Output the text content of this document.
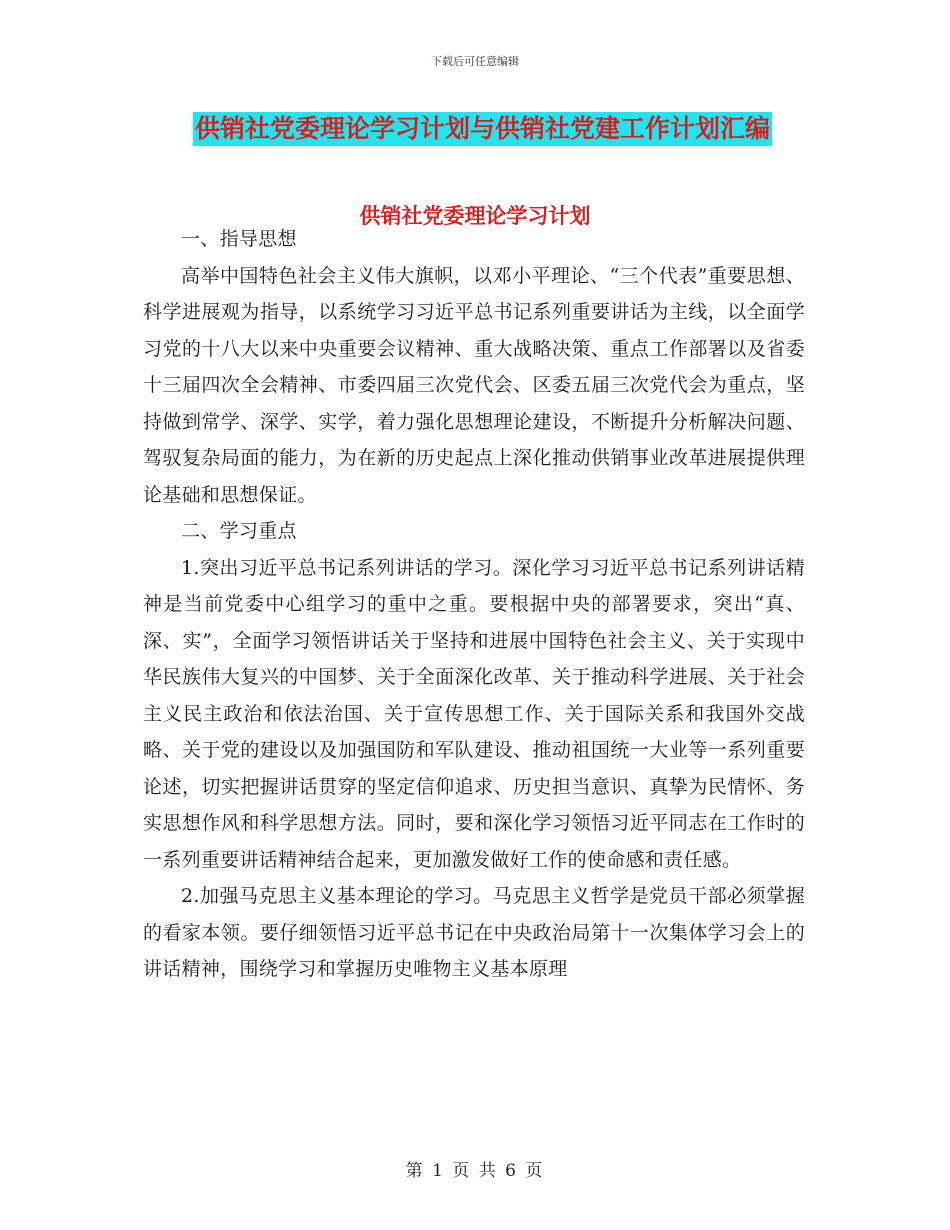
下载后可任意编辑
供销社党委理论学习计划与供销社党建工作计划汇编
供销社党委理论学习计划

一、指导思想

高举中国特色社会主义伟大旗帜，以邓小平理论、“三个代表”重要思想、科学进展观为指导，以系统学习习近平总书记系列重要讲话为主线，以全面学习党的十八大以来中央重要会议精神、重大战略决策、重点工作部署以及省委十三届四次全会精神、市委四届三次党代会、区委五届三次党代会为重点，坚持做到常学、深学、实学，着力强化思想理论建设，不断提升分析解决问题、驾驭复杂局面的能力，为在新的历史起点上深化推动供销事业改革进展提供理论基础和思想保证。

二、学习重点

1.突出习近平总书记系列讲话的学习。深化学习习近平总书记系列讲话精神是当前党委中心组学习的重中之重。要根据中央的部署要求，突出“真、深、实”，全面学习领悟讲话关于坚持和进展中国特色社会主义、关于实现中华民族伟大复兴的中国梦、关于全面深化改革、关于推动科学进展、关于社会主义民主政治和依法治国、关于宣传思想工作、关于国际关系和我国外交战略、关于党的建设以及加强国防和军队建设、推动祖国统一大业等一系列重要论述，切实把握讲话贯穿的坚定信仰追求、历史担当意识、真挚为民情怀、务实思想作风和科学思想方法。同时，要和深化学习领悟习近平同志在工作时的一系列重要讲话精神结合起来，更加激发做好工作的使命感和责任感。

2.加强马克思主义基本理论的学习。马克思主义哲学是党员干部必须掌握的看家本领。要仔细领悟习近平总书记在中央政治局第十一次集体学习会上的讲话精神，围绕学习和掌握历史唯物主义基本原理

第 1 页 共 6 页
